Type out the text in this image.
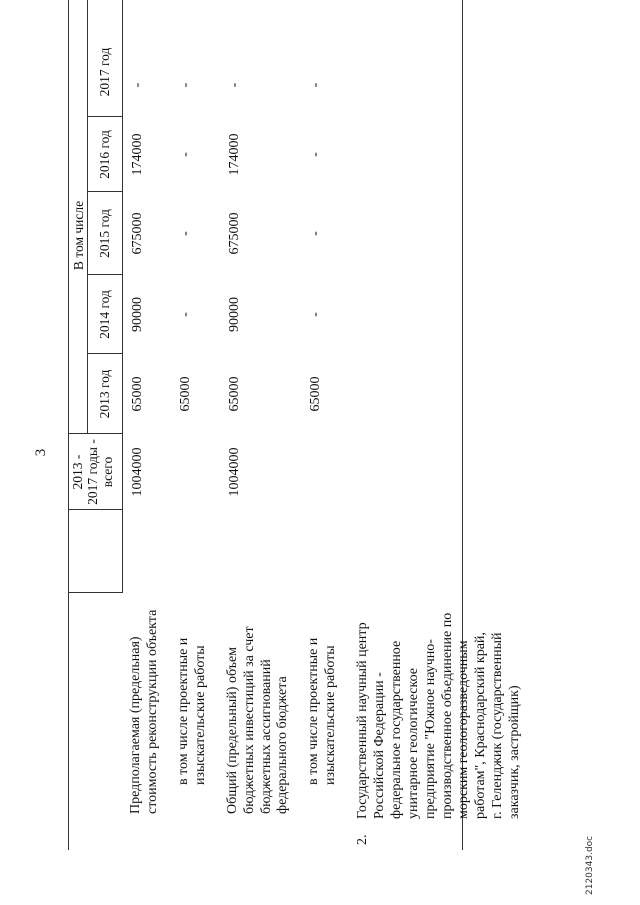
3
2013 - 2017 годы - всего
В том числе
2013 год
2014 год
2015 год
2016 год
2017 год
Предполагаемая (предельная) стоимость реконструкции объекта
1004000
65000
90000
675000
174000
-
в том числе проектные и изыскательские работы
65000
-
-
-
-
Общий (предельный) объем бюджетных инвестиций за счет бюджетных ассигнований федерального бюджета
1004000
65000
90000
675000
174000
-
в том числе проектные и изыскательские работы
65000
-
-
-
-
2.
Государственный научный центр Российской Федерации - федеральное государственное унитарное геологическое предприятие "Южное научно- производственное объединение по морским геологоразведочным работам", Краснодарский край, г. Геленджик (государственный заказчик, застройщик)
2120343.doc
